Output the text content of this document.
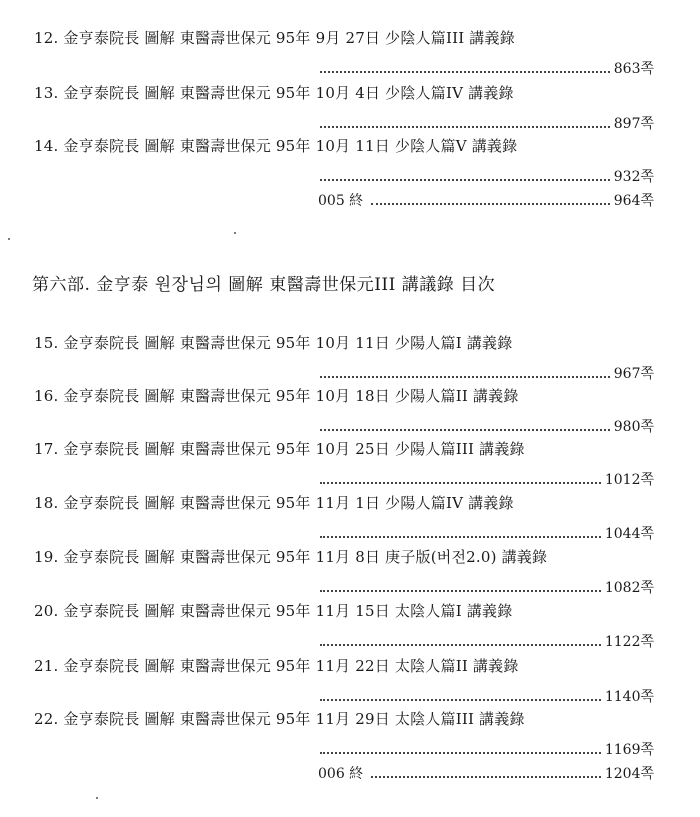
12. 金亨泰院長 圖解 東醫壽世保元 95年 9月 27日 少陰人篇III 講義錄
863쪽
13. 金亨泰院長 圖解 東醫壽世保元 95年 10月 4日 少陰人篇IV 講義錄
897쪽
14. 金亨泰院長 圖解 東醫壽世保元 95年 10月 11日 少陰人篇V 講義錄
932쪽
005 終	964쪽
第六部. 金亨泰 원장님의 圖解 東醫壽世保元III 講議錄 目次
15. 金亨泰院長 圖解 東醫壽世保元 95年 10月 11日 少陽人篇I 講義錄
967쪽
16. 金亨泰院長 圖解 東醫壽世保元 95年 10月 18日 少陽人篇II 講義錄
980쪽
17. 金亨泰院長 圖解 東醫壽世保元 95年 10月 25日 少陽人篇III 講義錄
1012쪽
18. 金亨泰院長 圖解 東醫壽世保元 95年 11月 1日 少陽人篇IV 講義錄
1044쪽
19. 金亨泰院長 圖解 東醫壽世保元 95年 11月 8日 庚子版(버전2.0) 講義錄
1082쪽
20. 金亨泰院長 圖解 東醫壽世保元 95年 11月 15日 太陰人篇I 講義錄
1122쪽
21. 金亨泰院長 圖解 東醫壽世保元 95年 11月 22日 太陰人篇II 講義錄
1140쪽
22. 金亨泰院長 圖解 東醫壽世保元 95年 11月 29日 太陰人篇III 講義錄
1169쪽
006 終	1204쪽
